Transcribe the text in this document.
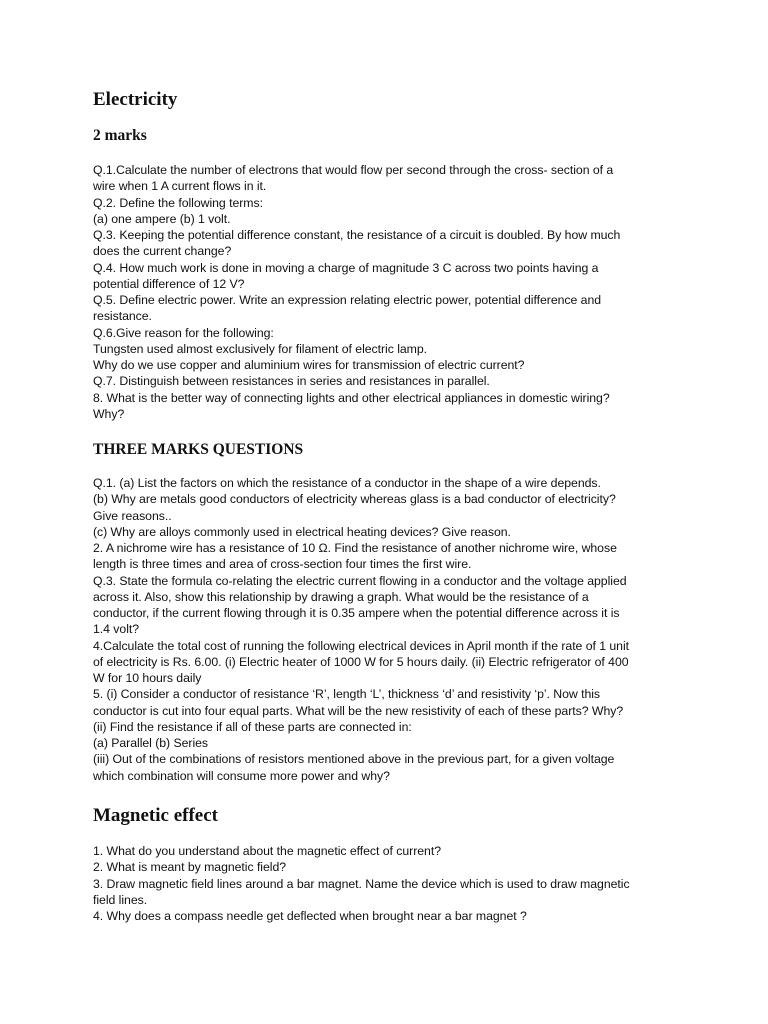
Electricity
2 marks
Q.1.Calculate the number of electrons that would flow per second through the cross- section of a
wire when 1 A current flows in it.
Q.2. Define the following terms:
(a) one ampere (b) 1 volt.
Q.3. Keeping the potential difference constant, the resistance of a circuit is doubled. By how much
does the current change?
Q.4. How much work is done in moving a charge of magnitude 3 C across two points having a
potential difference of 12 V?
Q.5. Define electric power. Write an expression relating electric power, potential difference and
resistance.
Q.6.Give reason for the following:
Tungsten used almost exclusively for filament of electric lamp.
Why do we use copper and aluminium wires for transmission of electric current?
Q.7. Distinguish between resistances in series and resistances in parallel.
8. What is the better way of connecting lights and other electrical appliances in domestic wiring?
Why?
THREE MARKS QUESTIONS
Q.1. (a) List the factors on which the resistance of a conductor in the shape of a wire depends.
(b) Why are metals good conductors of electricity whereas glass is a bad conductor of electricity?
Give reasons..
(c) Why are alloys commonly used in electrical heating devices? Give reason.
2. A nichrome wire has a resistance of 10 Ω. Find the resistance of another nichrome wire, whose
length is three times and area of cross-section four times the first wire.
Q.3. State the formula co-relating the electric current flowing in a conductor and the voltage applied
across it. Also, show this relationship by drawing a graph. What would be the resistance of a
conductor, if the current flowing through it is 0.35 ampere when the potential difference across it is
1.4 volt?
4.Calculate the total cost of running the following electrical devices in April month if the rate of 1 unit
of electricity is Rs. 6.00. (i) Electric heater of 1000 W for 5 hours daily. (ii) Electric refrigerator of 400
W for 10 hours daily
5. (i) Consider a conductor of resistance ‘R’, length ‘L’, thickness ‘d’ and resistivity ‘p’. Now this
conductor is cut into four equal parts. What will be the new resistivity of each of these parts? Why?
(ii) Find the resistance if all of these parts are connected in:
(a) Parallel (b) Series
(iii) Out of the combinations of resistors mentioned above in the previous part, for a given voltage
which combination will consume more power and why?
Magnetic effect
1. What do you understand about the magnetic effect of current?
2. What is meant by magnetic field?
3. Draw magnetic field lines around a bar magnet. Name the device which is used to draw magnetic
field lines.
4. Why does a compass needle get deflected when brought near a bar magnet ?
